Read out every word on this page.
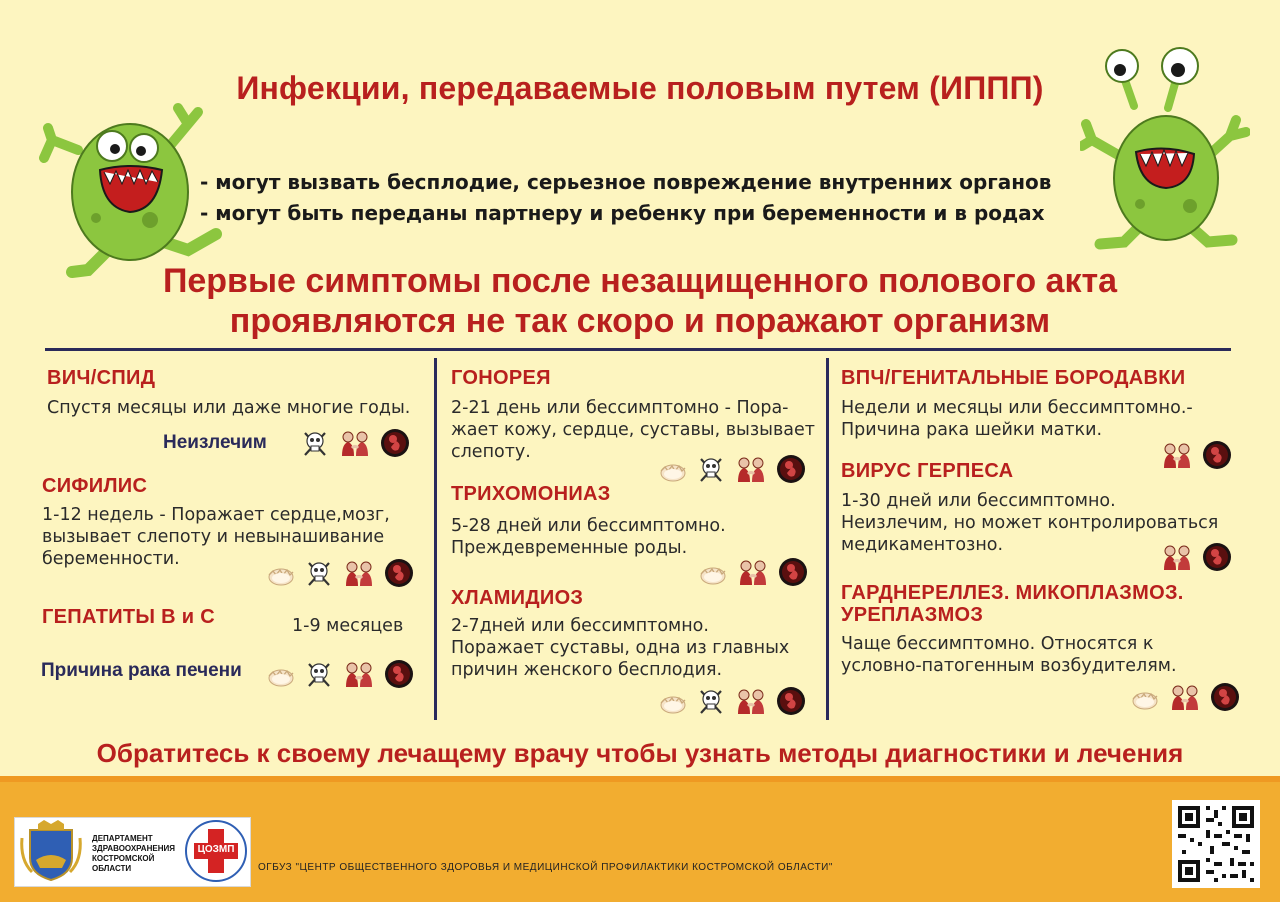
Инфекции, передаваемые половым путем (ИППП)
- могут вызвать бесплодие, серьезное повреждение внутренних органов
- могут быть переданы партнеру и ребенку при беременности и в родах
Первые симптомы после незащищенного полового акта
проявляются не так скоро и поражают организм
ВИЧ/СПИД
Спустя месяцы или даже многие годы.
Неизлечим
СИФИЛИС
1-12 недель - Поражает сердце,мозг,
вызывает слепоту и невынашивание
беременности.
ГЕПАТИТЫ В и С	1-9 месяцев
Причина рака печени
ГОНОРЕЯ
2-21 день или бессимптомно - Пора-
жает кожу, сердце, суставы, вызывает
слепоту.
ТРИХОМОНИАЗ
5-28 дней или бессимптомно.
Преждевременные роды.
ХЛАМИДИОЗ
2-7дней или бессимптомно.
Поражает суставы, одна из главных
причин женского бесплодия.
ВПЧ/ГЕНИТАЛЬНЫЕ БОРОДАВКИ
Недели и месяцы или бессимптомно.-
Причина рака шейки матки.
ВИРУС ГЕРПЕСА
1-30 дней или бессимптомно.
Неизлечим, но может контролироваться
медикаментозно.
ГАРДНЕРЕЛЛЕЗ. МИКОПЛАЗМОЗ.
УРЕПЛАЗМОЗ
Чаще бессимптомно. Относятся к
условно-патогенным возбудителям.
Обратитесь к своему лечащему врачу чтобы узнать методы диагностики и лечения
ДЕПАРТАМЕНТ ЗДРАВООХРАНЕНИЯ КОСТРОМСКОЙ ОБЛАСТИ
ЦОЗМП
ОГБУЗ "ЦЕНТР ОБЩЕСТВЕННОГО ЗДОРОВЬЯ И МЕДИЦИНСКОЙ ПРОФИЛАКТИКИ КОСТРОМСКОЙ ОБЛАСТИ"
